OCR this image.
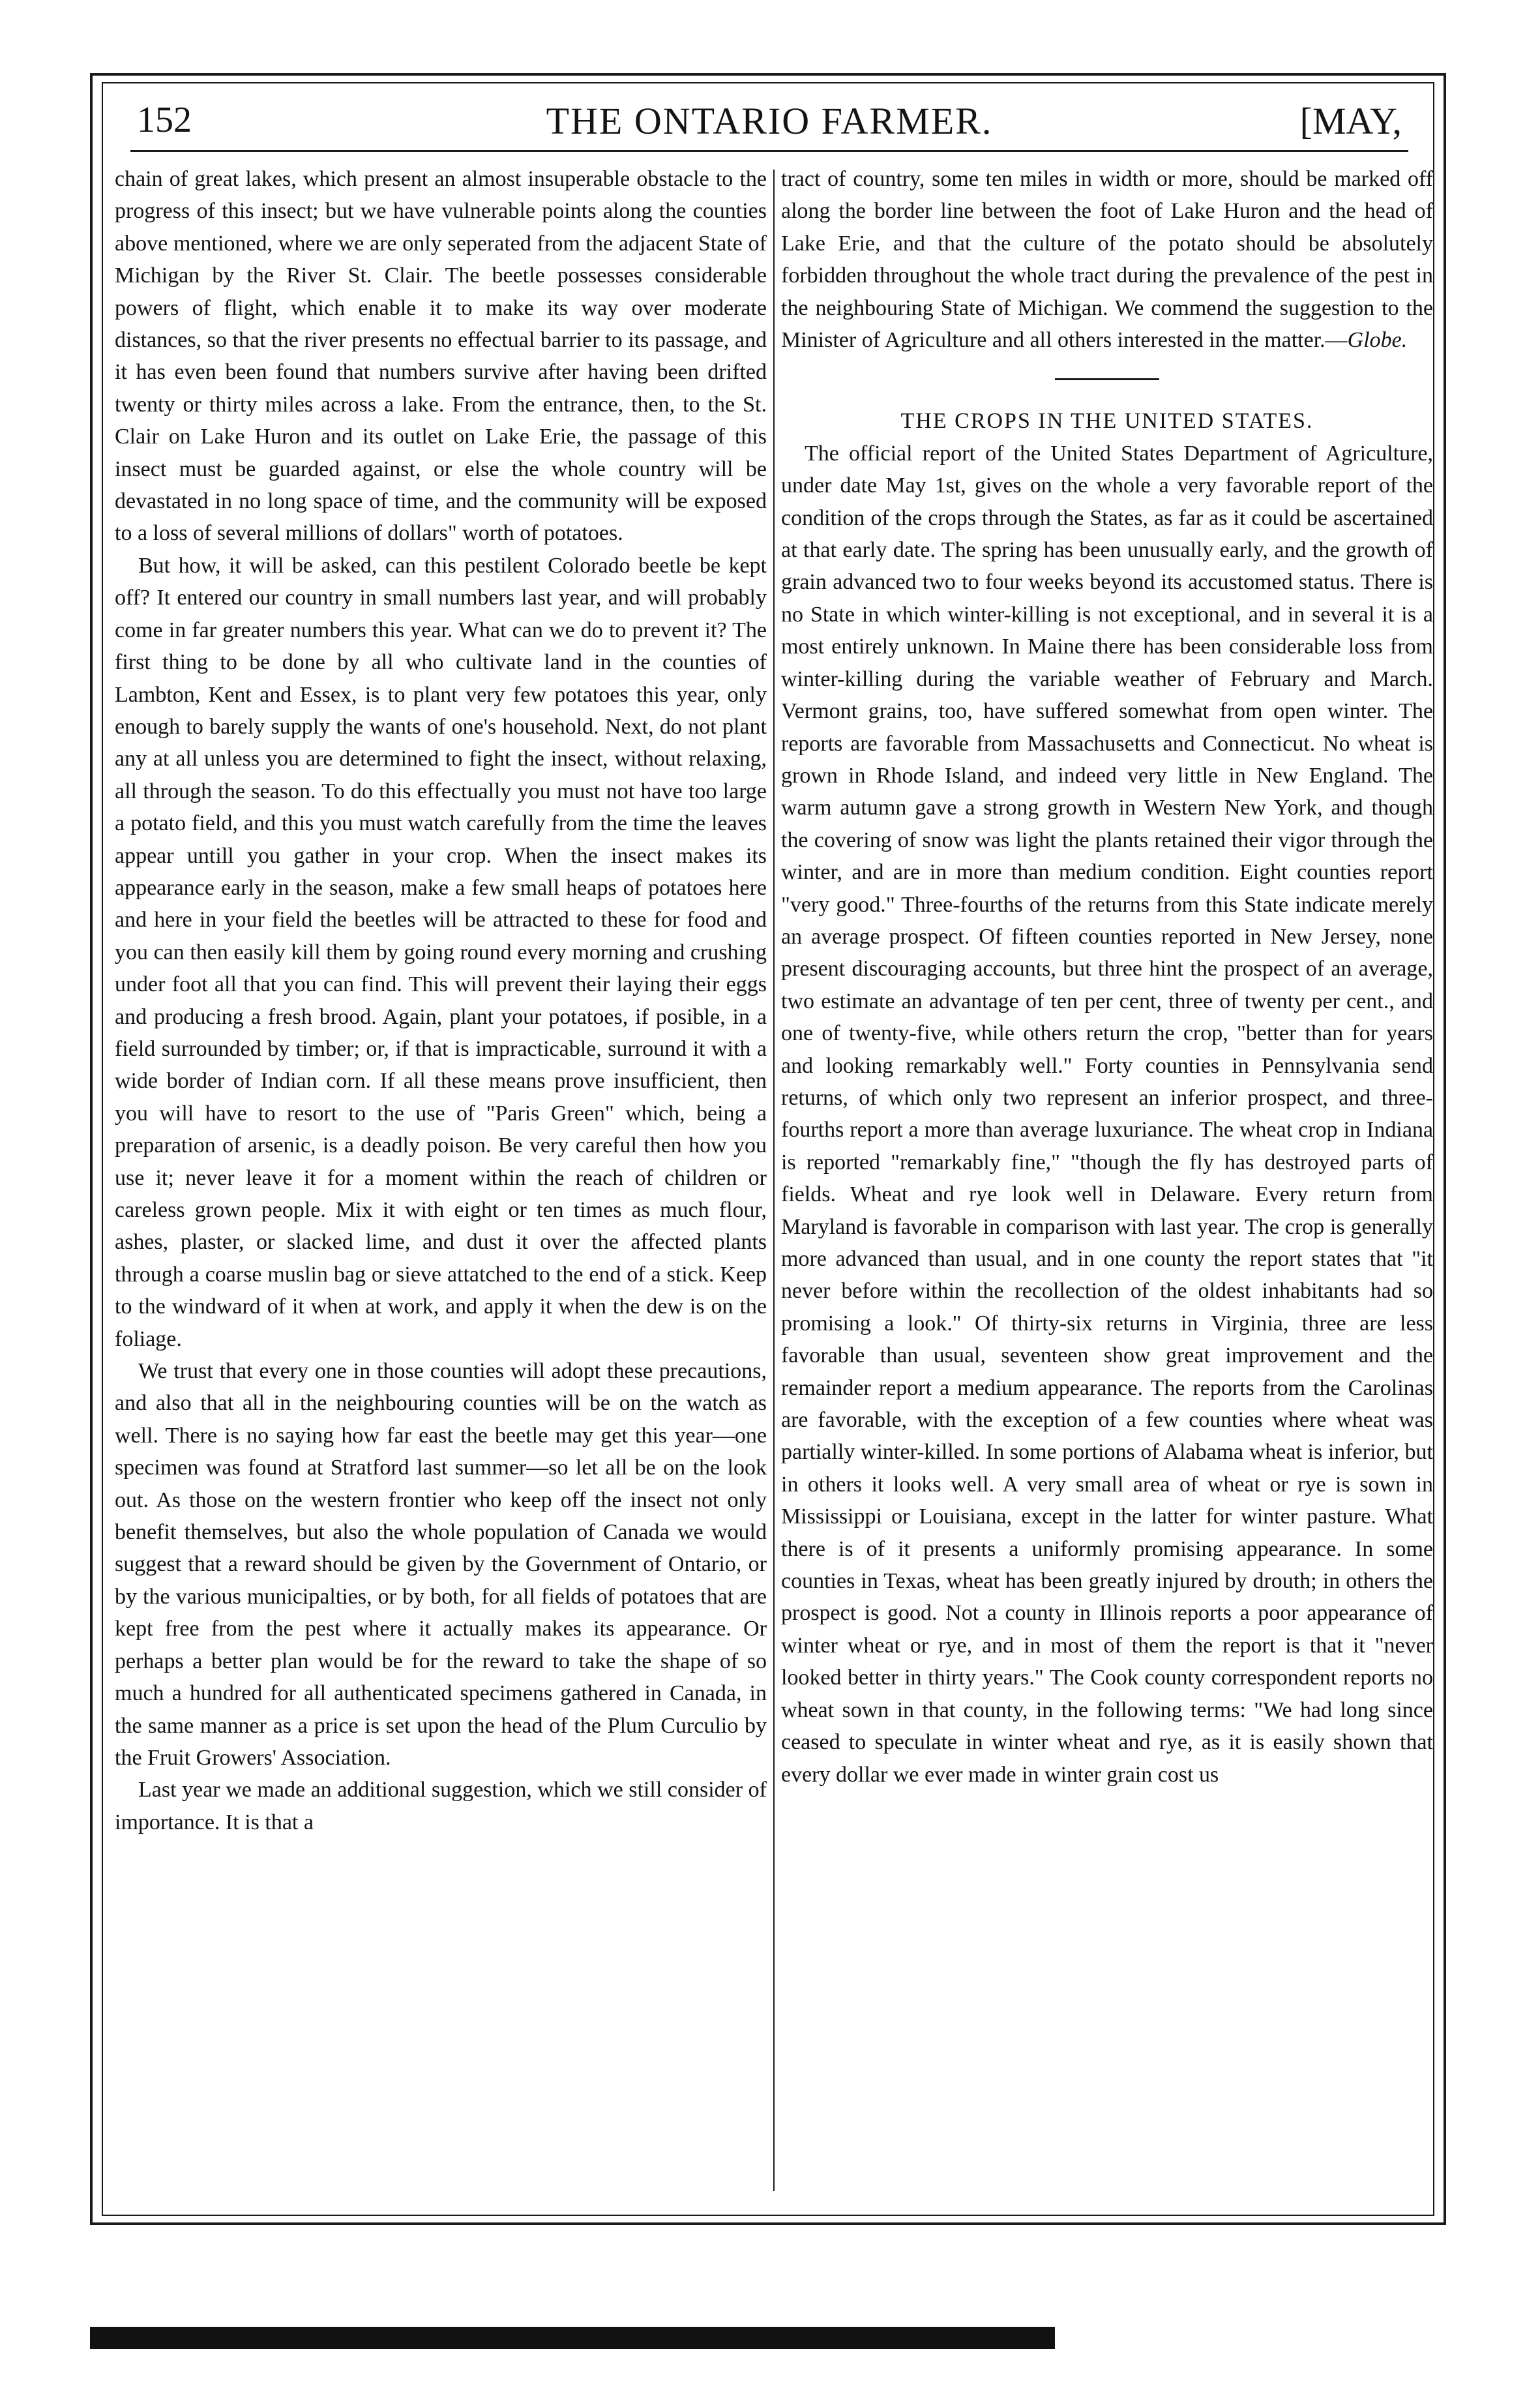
152	THE ONTARIO FARMER.	[MAY,

chain of great lakes, which present an almost insuperable obstacle to the progress of this insect; but we have vulnerable points along the counties above mentioned, where we are only seperated from the adjacent State of Michigan by the River St. Clair. The beetle possesses considerable powers of flight, which enable it to make its way over moderate distances, so that the river presents no effectual barrier to its passage, and it has even been found that numbers survive after having been drifted twenty or thirty miles across a lake. From the entrance, then, to the St. Clair on Lake Huron and its outlet on Lake Erie, the passage of this insect must be guarded against, or else the whole country will be devastated in no long space of time, and the community will be exposed to a loss of several millions of dollars" worth of potatoes.

But how, it will be asked, can this pestilent Colorado beetle be kept off? It entered our country in small numbers last year, and will probably come in far greater numbers this year. What can we do to prevent it? The first thing to be done by all who cultivate land in the counties of Lambton, Kent and Essex, is to plant very few potatoes this year, only enough to barely supply the wants of one's household. Next, do not plant any at all unless you are determined to fight the insect, without relaxing, all through the season. To do this effectually you must not have too large a potato field, and this you must watch carefully from the time the leaves appear untill you gather in your crop. When the insect makes its appearance early in the season, make a few small heaps of potatoes here and here in your field the beetles will be attracted to these for food and you can then easily kill them by going round every morning and crushing under foot all that you can find. This will prevent their laying their eggs and producing a fresh brood. Again, plant your potatoes, if posible, in a field surrounded by timber; or, if that is impracticable, surround it with a wide border of Indian corn. If all these means prove insufficient, then you will have to resort to the use of "Paris Green" which, being a preparation of arsenic, is a deadly poison. Be very careful then how you use it; never leave it for a moment within the reach of children or careless grown people. Mix it with eight or ten times as much flour, ashes, plaster, or slacked lime, and dust it over the affected plants through a coarse muslin bag or sieve attatched to the end of a stick. Keep to the windward of it when at work, and apply it when the dew is on the foliage.

We trust that every one in those counties will adopt these precautions, and also that all in the neighbouring counties will be on the watch as well. There is no saying how far east the beetle may get this year—one specimen was found at Stratford last summer—so let all be on the look out. As those on the western frontier who keep off the insect not only benefit themselves, but also the whole population of Canada we would suggest that a reward should be given by the Government of Ontario, or by the various municipalties, or by both, for all fields of potatoes that are kept free from the pest where it actually makes its appearance. Or perhaps a better plan would be for the reward to take the shape of so much a hundred for all authenticated specimens gathered in Canada, in the same manner as a price is set upon the head of the Plum Curculio by the Fruit Growers' Association.

Last year we made an additional suggestion, which we still consider of importance. It is that a

tract of country, some ten miles in width or more, should be marked off along the border line between the foot of Lake Huron and the head of Lake Erie, and that the culture of the potato should be absolutely forbidden throughout the whole tract during the prevalence of the pest in the neighbouring State of Michigan. We commend the suggestion to the Minister of Agriculture and all others interested in the matter.—Globe.

THE CROPS IN THE UNITED STATES.

The official report of the United States Department of Agriculture, under date May 1st, gives on the whole a very favorable report of the condition of the crops through the States, as far as it could be ascertained at that early date. The spring has been unusually early, and the growth of grain advanced two to four weeks beyond its accustomed status. There is no State in which winter-killing is not exceptional, and in several it is a most entirely unknown. In Maine there has been considerable loss from winter-killing during the variable weather of February and March. Vermont grains, too, have suffered somewhat from open winter. The reports are favorable from Massachusetts and Connecticut. No wheat is grown in Rhode Island, and indeed very little in New England. The warm autumn gave a strong growth in Western New York, and though the covering of snow was light the plants retained their vigor through the winter, and are in more than medium condition. Eight counties report "very good." Three-fourths of the returns from this State indicate merely an average prospect. Of fifteen counties reported in New Jersey, none present discouraging accounts, but three hint the prospect of an average, two estimate an advantage of ten per cent, three of twenty per cent., and one of twenty-five, while others return the crop, "better than for years and looking remarkably well." Forty counties in Pennsylvania send returns, of which only two represent an inferior prospect, and three-fourths report a more than average luxuriance. The wheat crop in Indiana is reported "remarkably fine," "though the fly has destroyed parts of fields. Wheat and rye look well in Delaware. Every return from Maryland is favorable in comparison with last year. The crop is generally more advanced than usual, and in one county the report states that "it never before within the recollection of the oldest inhabitants had so promising a look." Of thirty-six returns in Virginia, three are less favorable than usual, seventeen show great improvement and the remainder report a medium appearance. The reports from the Carolinas are favorable, with the exception of a few counties where wheat was partially winter-killed. In some portions of Alabama wheat is inferior, but in others it looks well. A very small area of wheat or rye is sown in Mississippi or Louisiana, except in the latter for winter pasture. What there is of it presents a uniformly promising appearance. In some counties in Texas, wheat has been greatly injured by drouth; in others the prospect is good. Not a county in Illinois reports a poor appearance of winter wheat or rye, and in most of them the report is that it "never looked better in thirty years." The Cook county correspondent reports no wheat sown in that county, in the following terms: "We had long since ceased to speculate in winter wheat and rye, as it is easily shown that every dollar we ever made in winter grain cost us
